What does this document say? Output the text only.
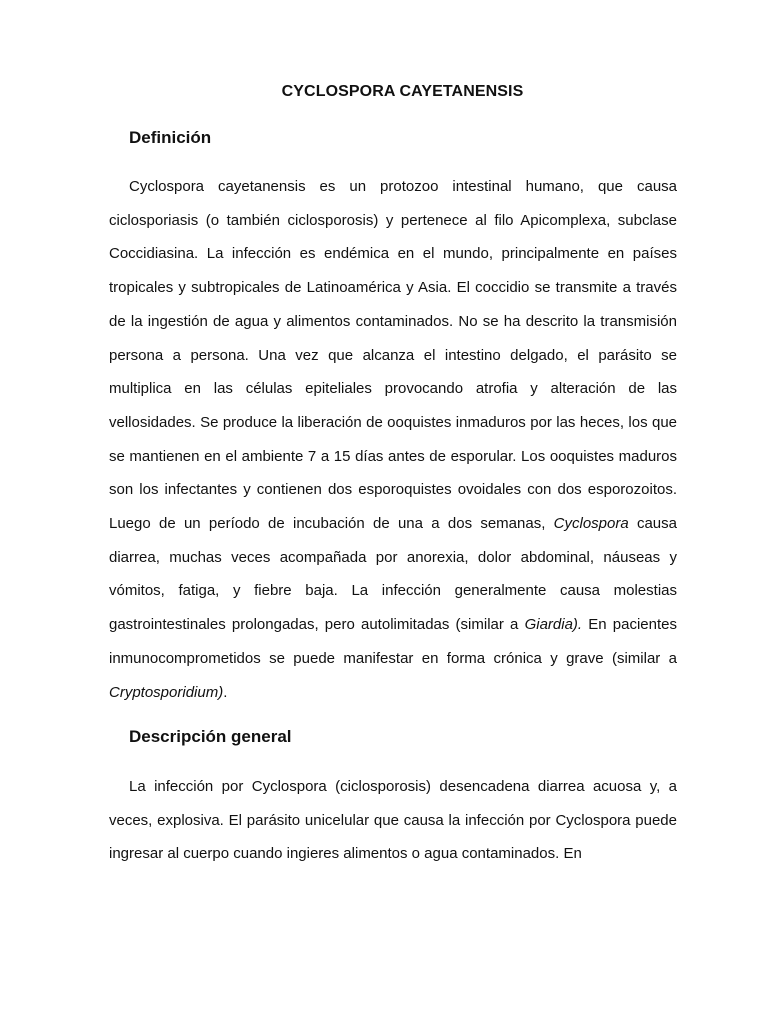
CYCLOSPORA CAYETANENSIS
Definición

Cyclospora cayetanensis es un protozoo intestinal humano, que causa ciclosporiasis (o también ciclosporosis) y pertenece al filo Apicomplexa, subclase Coccidiasina. La infección es endémica en el mundo, principalmente en países tropicales y subtropicales de Latinoamérica y Asia. El coccidio se transmite a través de la ingestión de agua y alimentos contaminados. No se ha descrito la transmisión persona a persona. Una vez que alcanza el intestino delgado, el parásito se multiplica en las células epiteliales provocando atrofia y alteración de las vellosidades. Se produce la liberación de ooquistes inmaduros por las heces, los que se mantienen en el ambiente 7 a 15 días antes de esporular. Los ooquistes maduros son los infectantes y contienen dos esporoquistes ovoidales con dos esporozoitos. Luego de un período de incubación de una a dos semanas, Cyclospora causa diarrea, muchas veces acompañada por anorexia, dolor abdominal, náuseas y vómitos, fatiga, y fiebre baja. La infección generalmente causa molestias gastrointestinales prolongadas, pero autolimitadas (similar a Giardia). En pacientes inmunocomprometidos se puede manifestar en forma crónica y grave (similar a Cryptosporidium).

Descripción general

La infección por Cyclospora (ciclosporosis) desencadena diarrea acuosa y, a veces, explosiva. El parásito unicelular que causa la infección por Cyclospora puede ingresar al cuerpo cuando ingieres alimentos o agua contaminados. En
